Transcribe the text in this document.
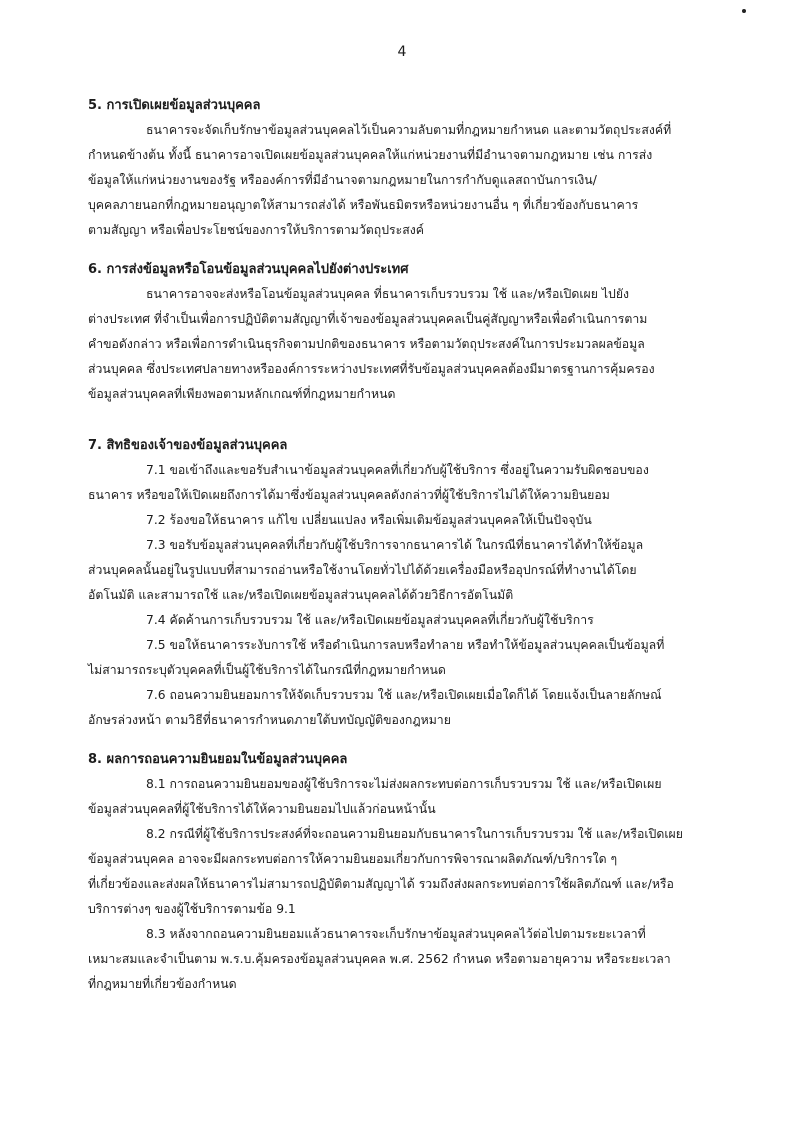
4
5. การเปิดเผยข้อมูลส่วนบุคคล

ธนาคารจะจัดเก็บรักษาข้อมูลส่วนบุคคลไว้เป็นความลับตามที่กฎหมายกำหนด และตามวัตถุประสงค์ที่
กำหนดข้างต้น ทั้งนี้ ธนาคารอาจเปิดเผยข้อมูลส่วนบุคคลให้แก่หน่วยงานที่มีอำนาจตามกฎหมาย เช่น การส่ง
ข้อมูลให้แก่หน่วยงานของรัฐ หรือองค์การที่มีอำนาจตามกฎหมายในการกำกับดูแลสถาบันการเงิน/
บุคคลภายนอกที่กฎหมายอนุญาตให้สามารถส่งได้ หรือพันธมิตรหรือหน่วยงานอื่น ๆ ที่เกี่ยวข้องกับธนาคาร
ตามสัญญา หรือเพื่อประโยชน์ของการให้บริการตามวัตถุประสงค์

6. การส่งข้อมูลหรือโอนข้อมูลส่วนบุคคลไปยังต่างประเทศ

ธนาคารอาจจะส่งหรือโอนข้อมูลส่วนบุคคล ที่ธนาคารเก็บรวบรวม ใช้ และ/หรือเปิดเผย ไปยัง
ต่างประเทศ ที่จำเป็นเพื่อการปฏิบัติตามสัญญาที่เจ้าของข้อมูลส่วนบุคคลเป็นคู่สัญญาหรือเพื่อดำเนินการตาม
คำขอดังกล่าว หรือเพื่อการดำเนินธุรกิจตามปกติของธนาคาร หรือตามวัตถุประสงค์ในการประมวลผลข้อมูล
ส่วนบุคคล ซึ่งประเทศปลายทางหรือองค์การระหว่างประเทศที่รับข้อมูลส่วนบุคคลต้องมีมาตรฐานการคุ้มครอง
ข้อมูลส่วนบุคคลที่เพียงพอตามหลักเกณฑ์ที่กฎหมายกำหนด

7. สิทธิของเจ้าของข้อมูลส่วนบุคคล

7.1 ขอเข้าถึงและขอรับสำเนาข้อมูลส่วนบุคคลที่เกี่ยวกับผู้ใช้บริการ ซึ่งอยู่ในความรับผิดชอบของ
ธนาคาร หรือขอให้เปิดเผยถึงการได้มาซึ่งข้อมูลส่วนบุคคลดังกล่าวที่ผู้ใช้บริการไม่ได้ให้ความยินยอม

7.2 ร้องขอให้ธนาคาร แก้ไข เปลี่ยนแปลง หรือเพิ่มเติมข้อมูลส่วนบุคคลให้เป็นปัจจุบัน

7.3 ขอรับข้อมูลส่วนบุคคลที่เกี่ยวกับผู้ใช้บริการจากธนาคารได้ ในกรณีที่ธนาคารได้ทำให้ข้อมูล
ส่วนบุคคลนั้นอยู่ในรูปแบบที่สามารถอ่านหรือใช้งานโดยทั่วไปได้ด้วยเครื่องมือหรืออุปกรณ์ที่ทำงานได้โดย
อัตโนมัติ และสามารถใช้ และ/หรือเปิดเผยข้อมูลส่วนบุคคลได้ด้วยวิธีการอัตโนมัติ

7.4 คัดค้านการเก็บรวบรวม ใช้ และ/หรือเปิดเผยข้อมูลส่วนบุคคลที่เกี่ยวกับผู้ใช้บริการ

7.5 ขอให้ธนาคารระงับการใช้ หรือดำเนินการลบหรือทำลาย หรือทำให้ข้อมูลส่วนบุคคลเป็นข้อมูลที่
ไม่สามารถระบุตัวบุคคลที่เป็นผู้ใช้บริการได้ในกรณีที่กฎหมายกำหนด

7.6 ถอนความยินยอมการให้จัดเก็บรวบรวม ใช้ และ/หรือเปิดเผยเมื่อใดก็ได้ โดยแจ้งเป็นลายลักษณ์
อักษรล่วงหน้า ตามวิธีที่ธนาคารกำหนดภายใต้บทบัญญัติของกฎหมาย

8. ผลการถอนความยินยอมในข้อมูลส่วนบุคคล

8.1 การถอนความยินยอมของผู้ใช้บริการจะไม่ส่งผลกระทบต่อการเก็บรวบรวม ใช้ และ/หรือเปิดเผย
ข้อมูลส่วนบุคคลที่ผู้ใช้บริการได้ให้ความยินยอมไปแล้วก่อนหน้านั้น

8.2 กรณีที่ผู้ใช้บริการประสงค์ที่จะถอนความยินยอมกับธนาคารในการเก็บรวบรวม ใช้ และ/หรือเปิดเผย
ข้อมูลส่วนบุคคล อาจจะมีผลกระทบต่อการให้ความยินยอมเกี่ยวกับการพิจารณาผลิตภัณฑ์/บริการใด ๆ
ที่เกี่ยวข้องและส่งผลให้ธนาคารไม่สามารถปฏิบัติตามสัญญาได้ รวมถึงส่งผลกระทบต่อการใช้ผลิตภัณฑ์ และ/หรือ
บริการต่างๆ ของผู้ใช้บริการตามข้อ 9.1

8.3 หลังจากถอนความยินยอมแล้วธนาคารจะเก็บรักษาข้อมูลส่วนบุคคลไว้ต่อไปตามระยะเวลาที่
เหมาะสมและจำเป็นตาม พ.ร.บ.คุ้มครองข้อมูลส่วนบุคคล พ.ศ. 2562 กำหนด หรือตามอายุความ หรือระยะเวลา
ที่กฎหมายที่เกี่ยวข้องกำหนด
